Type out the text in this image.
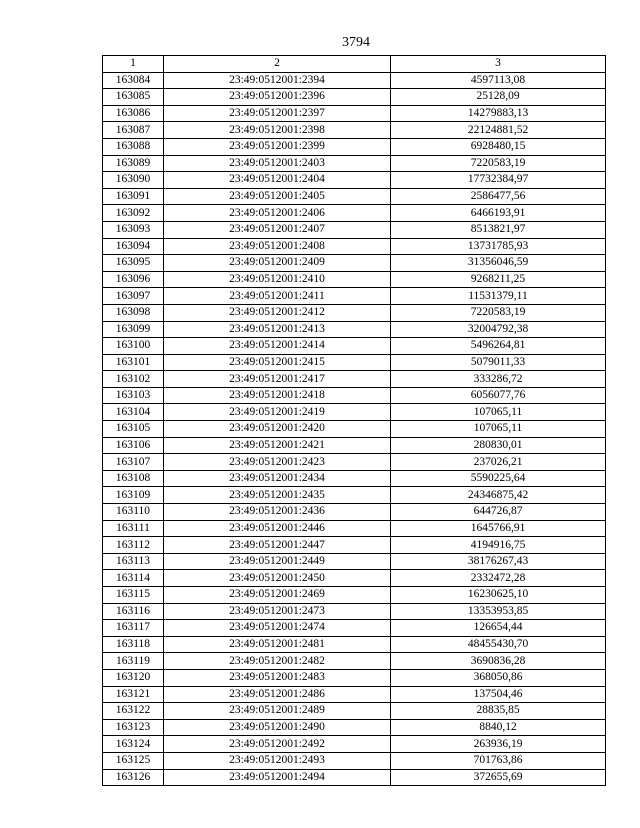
3794
1	2	3
163084	23:49:0512001:2394	4597113,08
163085	23:49:0512001:2396	25128,09
163086	23:49:0512001:2397	14279883,13
163087	23:49:0512001:2398	22124881,52
163088	23:49:0512001:2399	6928480,15
163089	23:49:0512001:2403	7220583,19
163090	23:49:0512001:2404	17732384,97
163091	23:49:0512001:2405	2586477,56
163092	23:49:0512001:2406	6466193,91
163093	23:49:0512001:2407	8513821,97
163094	23:49:0512001:2408	13731785,93
163095	23:49:0512001:2409	31356046,59
163096	23:49:0512001:2410	9268211,25
163097	23:49:0512001:2411	11531379,11
163098	23:49:0512001:2412	7220583,19
163099	23:49:0512001:2413	32004792,38
163100	23:49:0512001:2414	5496264,81
163101	23:49:0512001:2415	5079011,33
163102	23:49:0512001:2417	333286,72
163103	23:49:0512001:2418	6056077,76
163104	23:49:0512001:2419	107065,11
163105	23:49:0512001:2420	107065,11
163106	23:49:0512001:2421	280830,01
163107	23:49:0512001:2423	237026,21
163108	23:49:0512001:2434	5590225,64
163109	23:49:0512001:2435	24346875,42
163110	23:49:0512001:2436	644726,87
163111	23:49:0512001:2446	1645766,91
163112	23:49:0512001:2447	4194916,75
163113	23:49:0512001:2449	38176267,43
163114	23:49:0512001:2450	2332472,28
163115	23:49:0512001:2469	16230625,10
163116	23:49:0512001:2473	13353953,85
163117	23:49:0512001:2474	126654,44
163118	23:49:0512001:2481	48455430,70
163119	23:49:0512001:2482	3690836,28
163120	23:49:0512001:2483	368050,86
163121	23:49:0512001:2486	137504,46
163122	23:49:0512001:2489	28835,85
163123	23:49:0512001:2490	8840,12
163124	23:49:0512001:2492	263936,19
163125	23:49:0512001:2493	701763,86
163126	23:49:0512001:2494	372655,69
